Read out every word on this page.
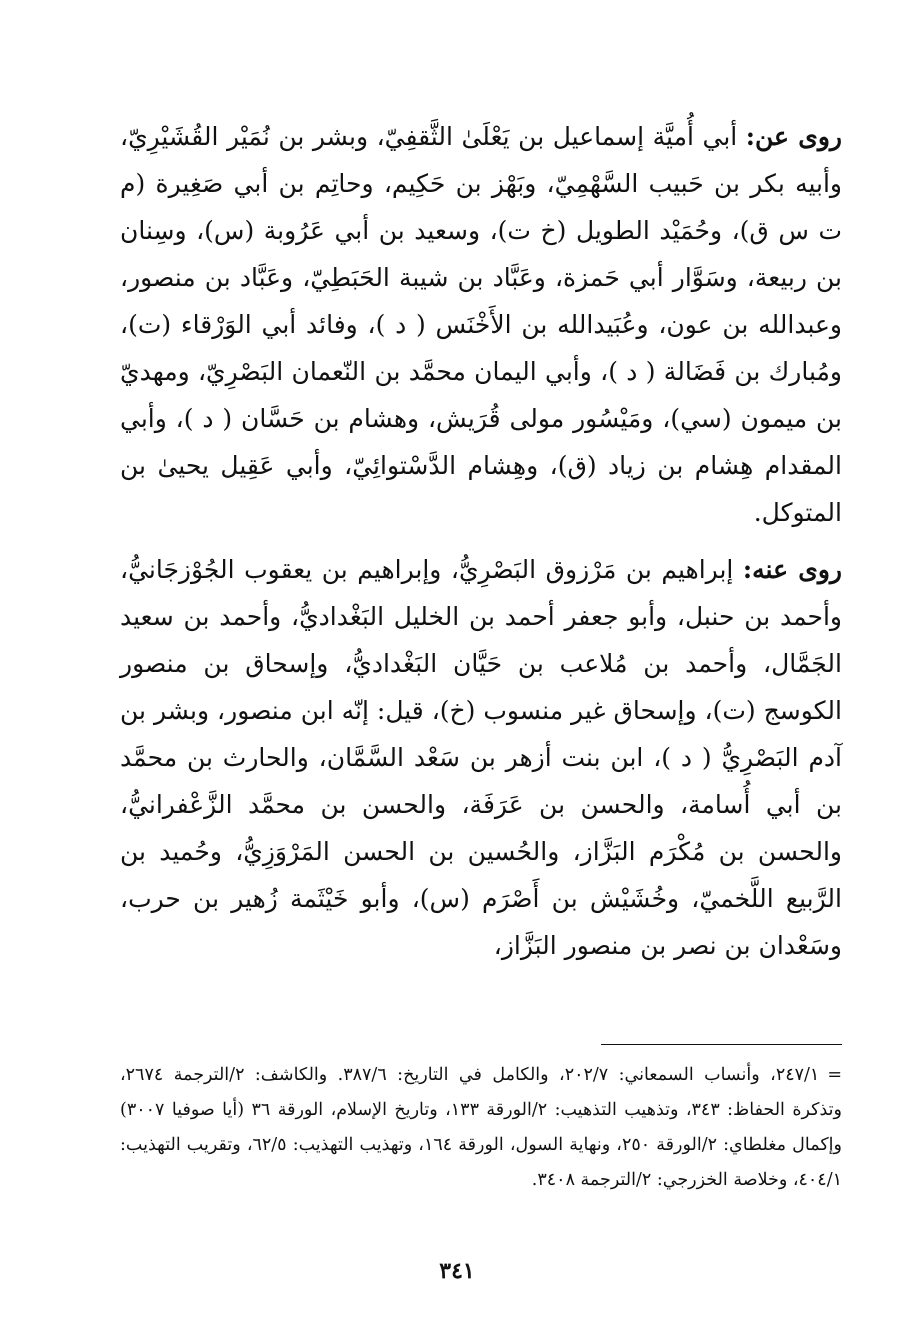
روى عن: أبي أُميَّة إسماعيل بن يَعْلَىٰ الثَّقفِيّ، وبشر بن نُمَيْر القُشَيْرِيّ، وأبيه بكر بن حَبيب السَّهْمِيّ، وبَهْز بن حَكِيم، وحاتِم بن أبي صَغِيرة (م ت س ق)، وحُمَيْد الطويل (خ ت)، وسعيد بن أبي عَرُوبة (س)، وسِنان بن ربيعة، وسَوَّار أبي حَمزة، وعَبَّاد بن شيبة الحَبَطِيّ، وعَبَّاد بن منصور، وعبدالله بن عون، وعُبَيدالله بن الأَخْنَس ( د )، وفائد أبي الوَرْقاء (ت)، ومُبارك بن فَضَالة ( د )، وأبي اليمان محمَّد بن النّعمان البَصْرِيّ، ومهديّ بن ميمون (سي)، ومَيْسُور مولى قُرَيش، وهشام بن حَسَّان ( د )، وأبي المقدام هِشام بن زياد (ق)، وهِشام الدَّسْتوائِيّ، وأبي عَقِيل يحيىٰ بن المتوكل.

روى عنه: إبراهيم بن مَرْزوق البَصْرِيُّ، وإبراهيم بن يعقوب الجُوْزجَانيُّ، وأحمد بن حنبل، وأبو جعفر أحمد بن الخليل البَغْداديُّ، وأحمد بن سعيد الجَمَّال، وأحمد بن مُلاعب بن حَيَّان البَغْداديُّ، وإسحاق بن منصور الكوسج (ت)، وإسحاق غير منسوب (خ)، قيل: إنّه ابن منصور، وبشر بن آدم البَصْرِيُّ ( د )، ابن بنت أزهر بن سَعْد السَّمَّان، والحارث بن محمَّد بن أبي أُسامة، والحسن بن عَرَفَة، والحسن بن محمَّد الزَّعْفرانيُّ، والحسن بن مُكْرَم البَزَّاز، والحُسين بن الحسن المَرْوَزِيُّ، وحُميد بن الرَّبيع اللَّخميّ، وخُشَيْش بن أَصْرَم (س)، وأبو خَيْثَمة زُهير بن حرب، وسَعْدان بن نصر بن منصور البَزَّاز،

=٢٤٧/١، وأنساب السمعاني: ٢٠٢/٧، والكامل في التاريخ: ٣٨٧/٦. والكاشف: ٢/الترجمة ٢٦٧٤، وتذكرة الحفاظ: ٣٤٣، وتذهيب التذهيب: ٢/الورقة ١٣٣، وتاريخ الإسلام، الورقة ٣٦ (أيا صوفيا ٣٠٠٧) وإكمال مغلطاي: ٢/الورقة ٢٥٠، ونهاية السول، الورقة ١٦٤، وتهذيب التهذيب: ٦٢/٥، وتقريب التهذيب: ٤٠٤/١، وخلاصة الخزرجي: ٢/الترجمة ٣٤٠٨.

٣٤١
